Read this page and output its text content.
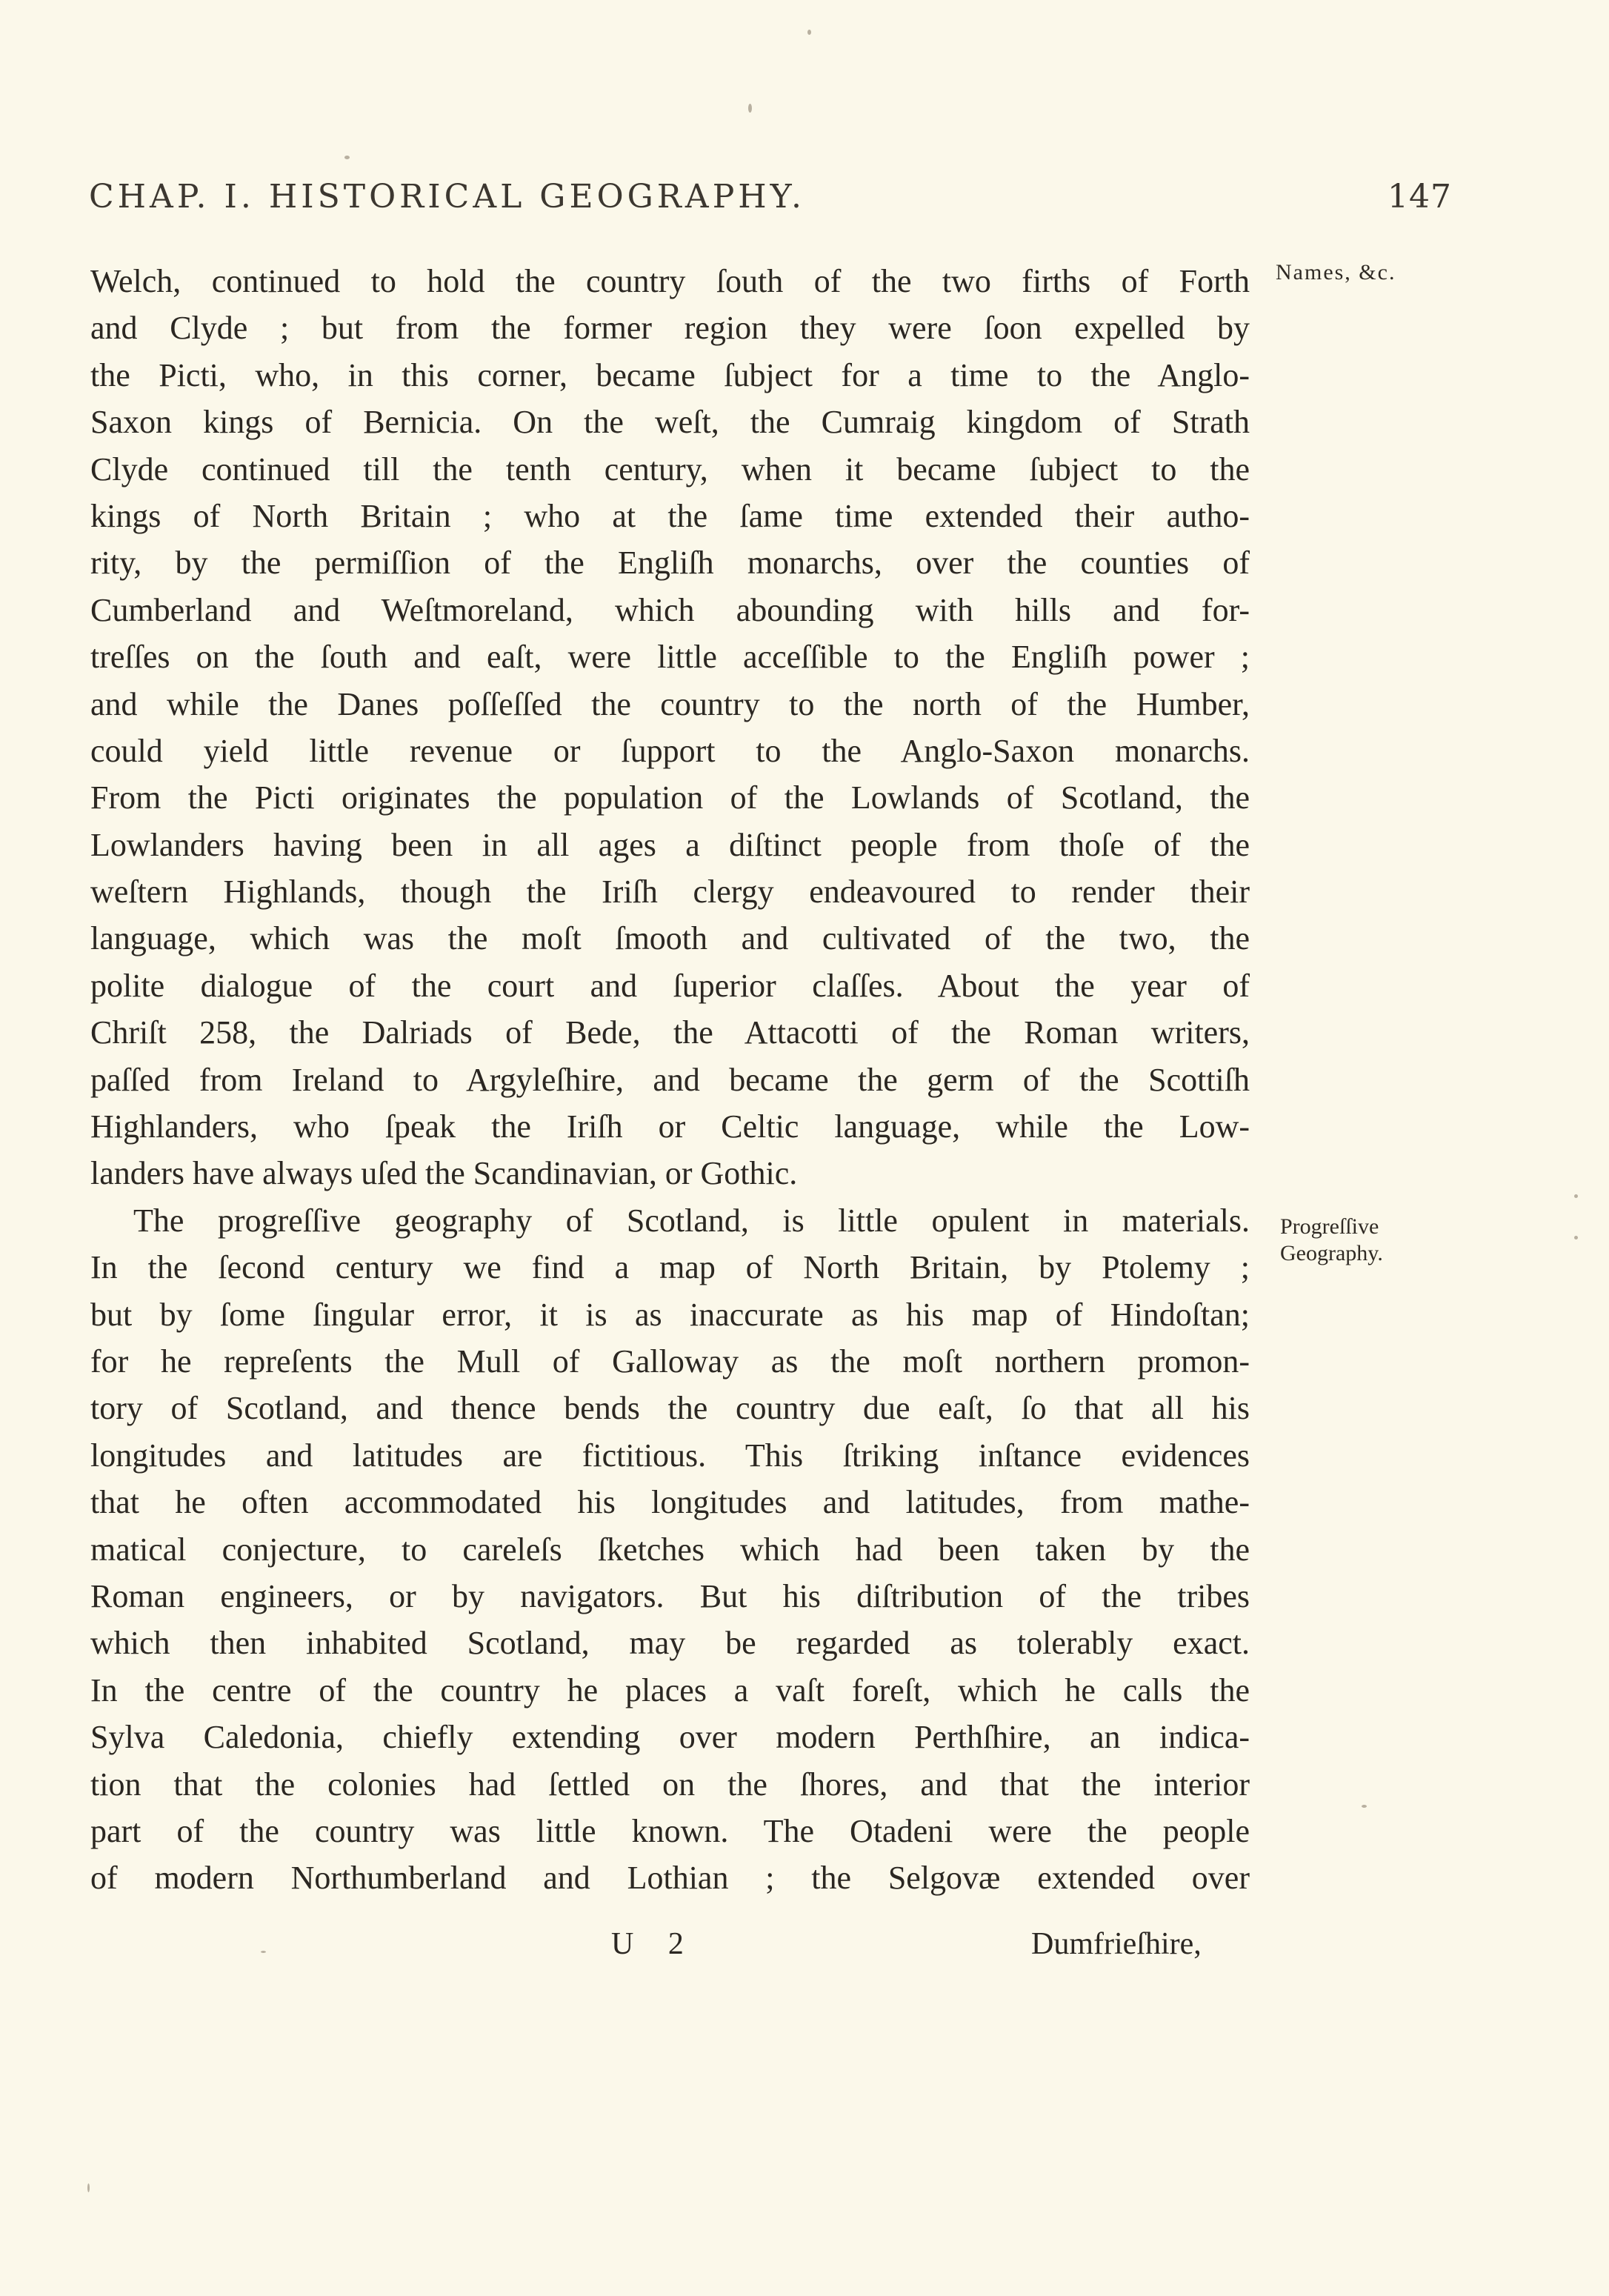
CHAP. I. HISTORICAL GEOGRAPHY.	147
Names, &c.
Progreſſive
Geography.
Welch, continued to hold the country ſouth of the two firths of Forth
and Clyde ; but from the former region they were ſoon expelled by
the Picti, who, in this corner, became ſubject for a time to the Anglo-
Saxon kings of Bernicia. On the weſt, the Cumraig kingdom of Strath
Clyde continued till the tenth century, when it became ſubject to the
kings of North Britain ; who at the ſame time extended their autho-
rity, by the permiſſion of the Engliſh monarchs, over the counties of
Cumberland and Weſtmoreland, which abounding with hills and for-
treſſes on the ſouth and eaſt, were little acceſſible to the Engliſh power ;
and while the Danes poſſeſſed the country to the north of the Humber,
could yield little revenue or ſupport to the Anglo-Saxon monarchs.
From the Picti originates the population of the Lowlands of Scotland, the
Lowlanders having been in all ages a diſtinct people from thoſe of the
weſtern Highlands, though the Iriſh clergy endeavoured to render their
language, which was the moſt ſmooth and cultivated of the two, the
polite dialogue of the court and ſuperior claſſes. About the year of
Chriſt 258, the Dalriads of Bede, the Attacotti of the Roman writers,
paſſed from Ireland to Argyleſhire, and became the germ of the Scottiſh
Highlanders, who ſpeak the Iriſh or Celtic language, while the Low-
landers have always uſed the Scandinavian, or Gothic.
The progreſſive geography of Scotland, is little opulent in materials.
In the ſecond century we find a map of North Britain, by Ptolemy ;
but by ſome ſingular error, it is as inaccurate as his map of Hindoſtan;
for he repreſents the Mull of Galloway as the moſt northern promon-
tory of Scotland, and thence bends the country due eaſt, ſo that all his
longitudes and latitudes are fictitious. This ſtriking inſtance evidences
that he often accommodated his longitudes and latitudes, from mathe-
matical conjecture, to careleſs ſketches which had been taken by the
Roman engineers, or by navigators. But his diſtribution of the tribes
which then inhabited Scotland, may be regarded as tolerably exact.
In the centre of the country he places a vaſt foreſt, which he calls the
Sylva Caledonia, chiefly extending over modern Perthſhire, an indica-
tion that the colonies had ſettled on the ſhores, and that the interior
part of the country was little known. The Otadeni were the people
of modern Northumberland and Lothian ; the Selgovæ extended over
U 2	Dumfrieſhire,
